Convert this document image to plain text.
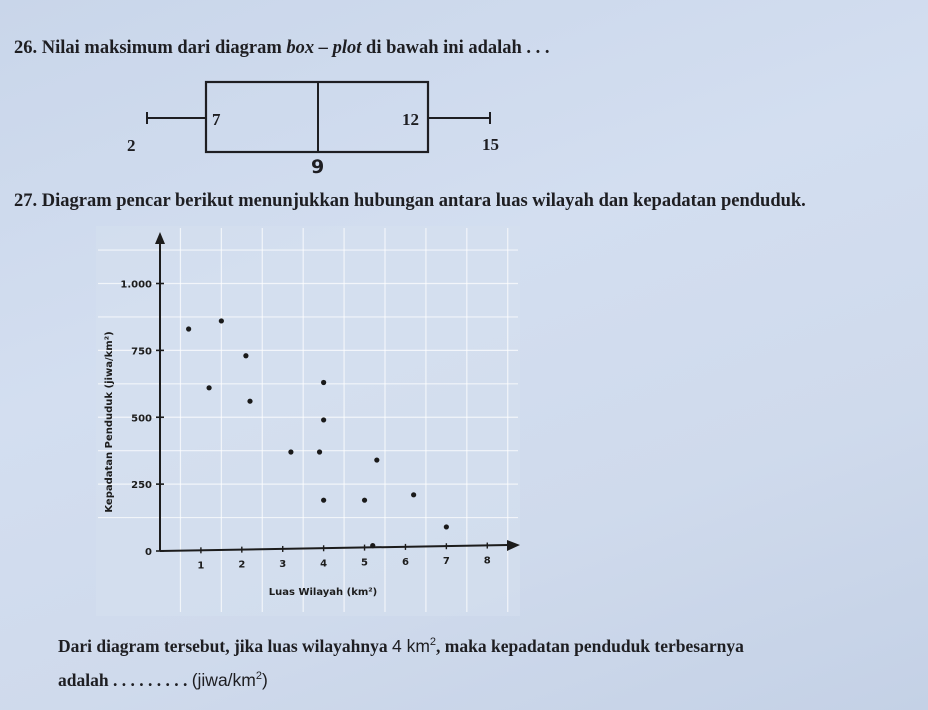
26. Nilai maksimum dari diagram box – plot di bawah ini adalah . . .
27. Diagram pencar berikut menunjukkan hubungan antara luas wilayah dan kepadatan penduduk.
2
7	12
15
9
0
250
500
750
1.000
1	2	3	4	5	6	7	8
Luas Wilayah (km²)
Kepadatan Penduduk (jiwa/km²)
Dari diagram tersebut, jika luas wilayahnya 4 $km^2$, maka kepadatan penduduk terbesarnya
adalah . . . . . . . . . $(jiwa/km^2)$
